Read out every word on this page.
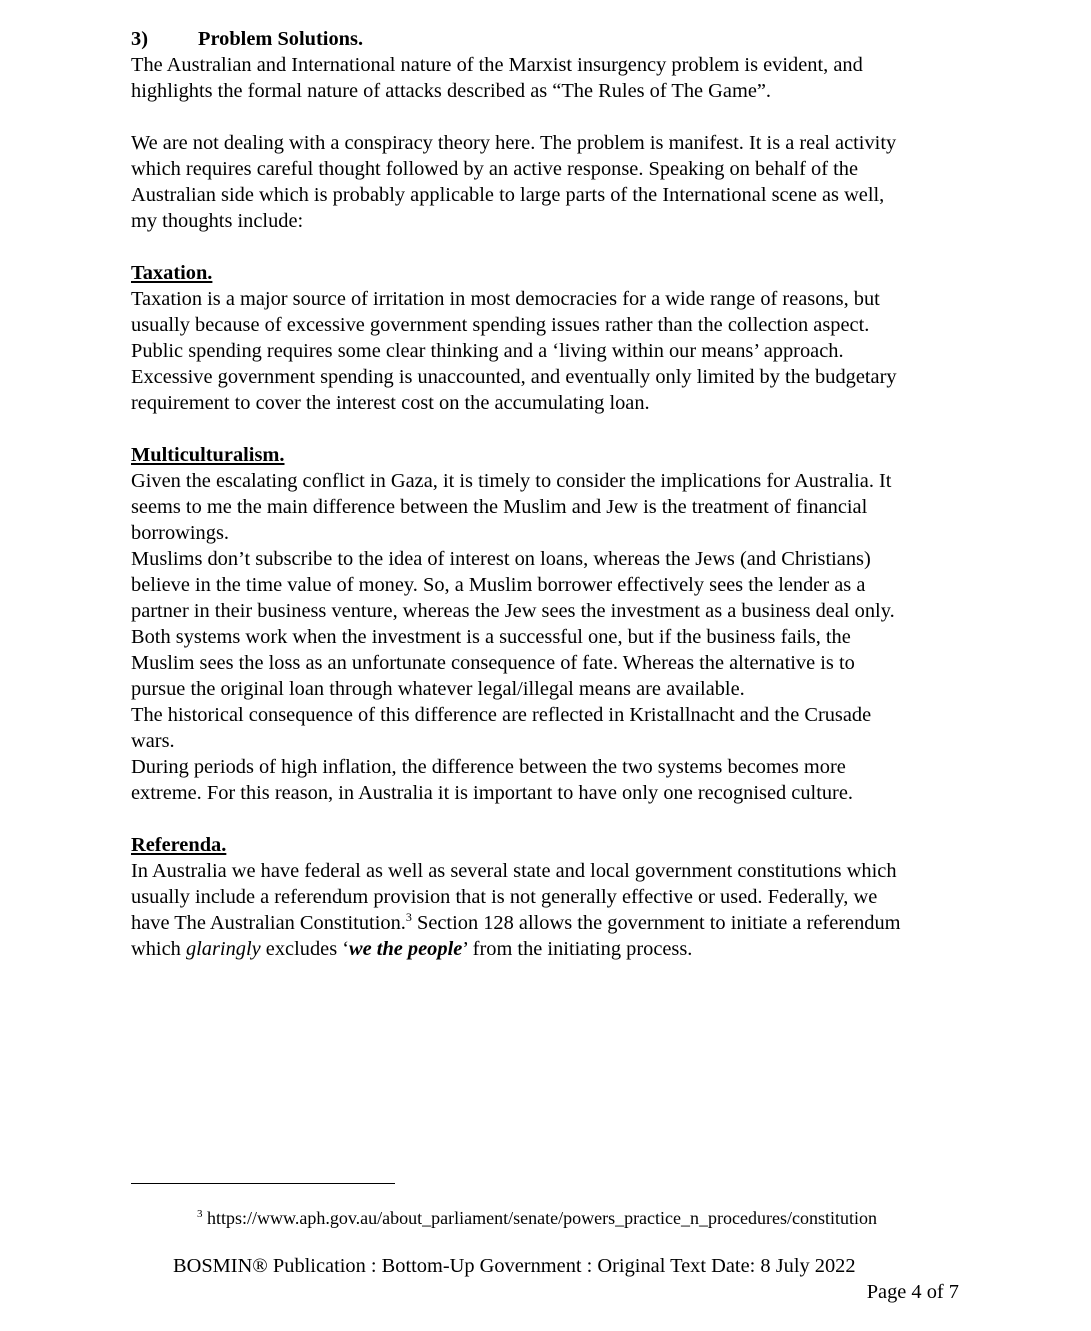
3) Problem Solutions.

The Australian and International nature of the Marxist insurgency problem is evident, and
highlights the formal nature of attacks described as “The Rules of The Game”.

We are not dealing with a conspiracy theory here. The problem is manifest. It is a real activity
which requires careful thought followed by an active response. Speaking on behalf of the
Australian side which is probably applicable to large parts of the International scene as well,
my thoughts include:

Taxation.

Taxation is a major source of irritation in most democracies for a wide range of reasons, but
usually because of excessive government spending issues rather than the collection aspect.
Public spending requires some clear thinking and a ‘living within our means’ approach.
Excessive government spending is unaccounted, and eventually only limited by the budgetary
requirement to cover the interest cost on the accumulating loan.

Multiculturalism.

Given the escalating conflict in Gaza, it is timely to consider the implications for Australia. It
seems to me the main difference between the Muslim and Jew is the treatment of financial
borrowings.
Muslims don’t subscribe to the idea of interest on loans, whereas the Jews (and Christians)
believe in the time value of money. So, a Muslim borrower effectively sees the lender as a
partner in their business venture, whereas the Jew sees the investment as a business deal only.
Both systems work when the investment is a successful one, but if the business fails, the
Muslim sees the loss as an unfortunate consequence of fate. Whereas the alternative is to
pursue the original loan through whatever legal/illegal means are available.
The historical consequence of this difference are reflected in Kristallnacht and the Crusade
wars.
During periods of high inflation, the difference between the two systems becomes more
extreme. For this reason, in Australia it is important to have only one recognised culture.

Referenda.

In Australia we have federal as well as several state and local government constitutions which
usually include a referendum provision that is not generally effective or used. Federally, we
have The Australian Constitution.$^3$ Section 128 allows the government to initiate a referendum
which glaringly excludes ‘we the people’ from the initiating process.

$^3$ https://www.aph.gov.au/about_parliament/senate/powers_practice_n_procedures/constitution
BOSMIN® Publication : Bottom-Up Government : Original Text Date: 8 July 2022
Page 4 of 7
